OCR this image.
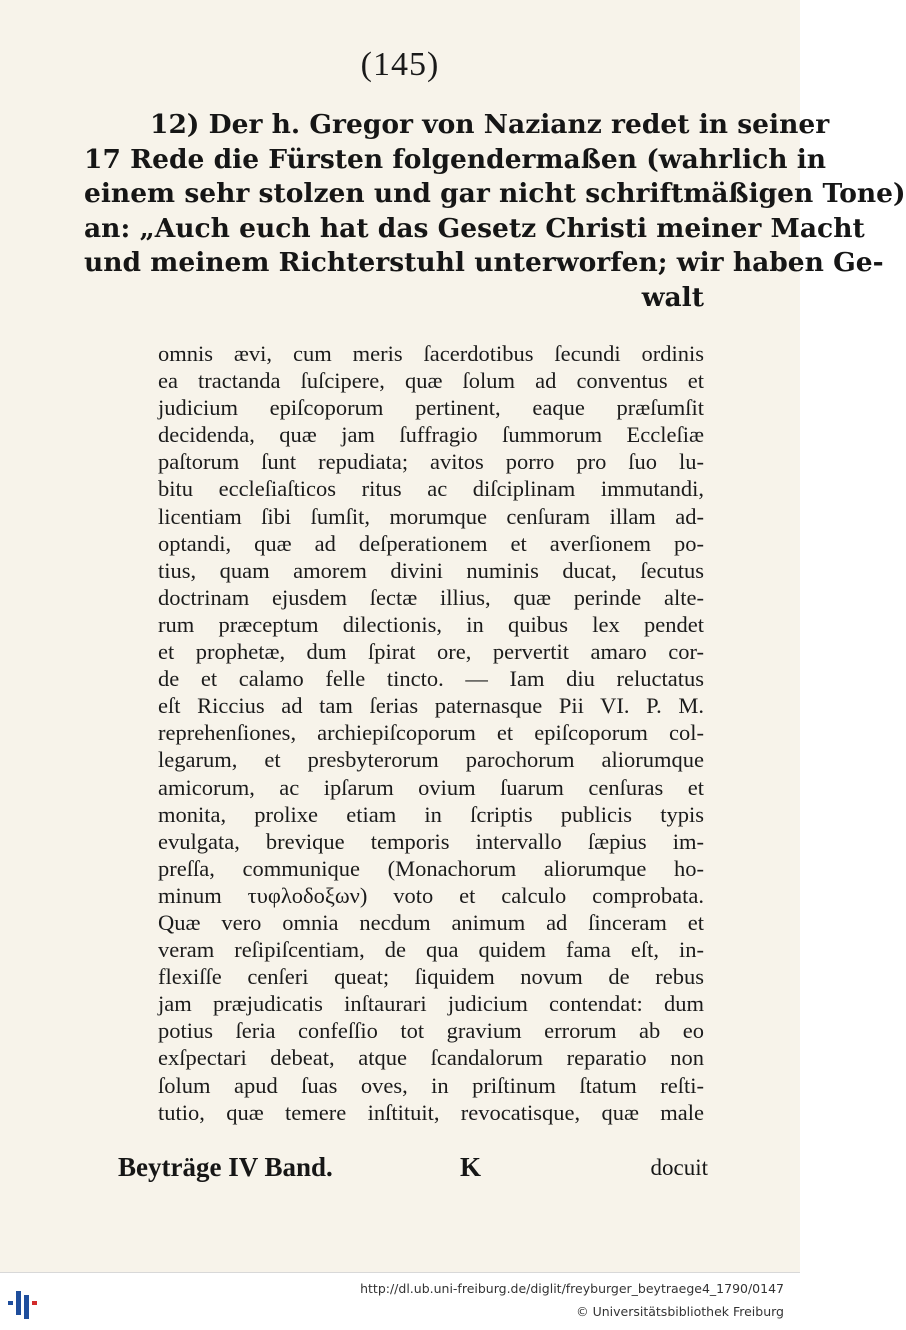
(145)
12) Der h. Gregor von Nazianz redet in seiner
17 Rede die Fürsten folgendermaßen (wahrlich in
einem sehr stolzen und gar nicht schriftmäßigen Tone)
an: „Auch euch hat das Gesetz Christi meiner Macht
und meinem Richterstuhl unterworfen; wir haben Ge-
walt
omnis ævi, cum meris ſacerdotibus ſecundi ordinis
ea tractanda ſuſcipere, quæ ſolum ad conventus et
judicium epiſcoporum pertinent, eaque præſumſit
decidenda, quæ jam ſuffragio ſummorum Eccleſiæ
paſtorum ſunt repudiata; avitos porro pro ſuo lu-
bitu eccleſiaſticos ritus ac diſciplinam immutandi,
licentiam ſibi ſumſit, morumque cenſuram illam ad-
optandi, quæ ad deſperationem et averſionem po-
tius, quam amorem divini numinis ducat, ſecutus
doctrinam ejusdem ſectæ illius, quæ perinde alte-
rum præceptum dilectionis, in quibus lex pendet
et prophetæ, dum ſpirat ore, pervertit amaro cor-
de et calamo felle tincto. — Iam diu reluctatus
eſt Riccius ad tam ſerias paternasque Pii VI. P. M.
reprehenſiones, archiepiſcoporum et epiſcoporum col-
legarum, et presbyterorum parochorum aliorumque
amicorum, ac ipſarum ovium ſuarum cenſuras et
monita, prolixe etiam in ſcriptis publicis typis
evulgata, brevique temporis intervallo ſæpius im-
preſſa, communique (Monachorum aliorumque ho-
minum τυφλοδοξων) voto et calculo comprobata.
Quæ vero omnia necdum animum ad ſinceram et
veram reſipiſcentiam, de qua quidem fama eſt, in-
flexiſſe cenſeri queat; ſiquidem novum de rebus
jam præjudicatis inſtaurari judicium contendat: dum
potius ſeria confeſſio tot gravium errorum ab eo
exſpectari debeat, atque ſcandalorum reparatio non
ſolum apud ſuas oves, in priſtinum ſtatum reſti-
tutio, quæ temere inſtituit, revocatisque, quæ male
Beyträge IV Band.	K	docuit
http://dl.ub.uni-freiburg.de/diglit/freyburger_beytraege4_1790/0147
© Universitätsbibliothek Freiburg
